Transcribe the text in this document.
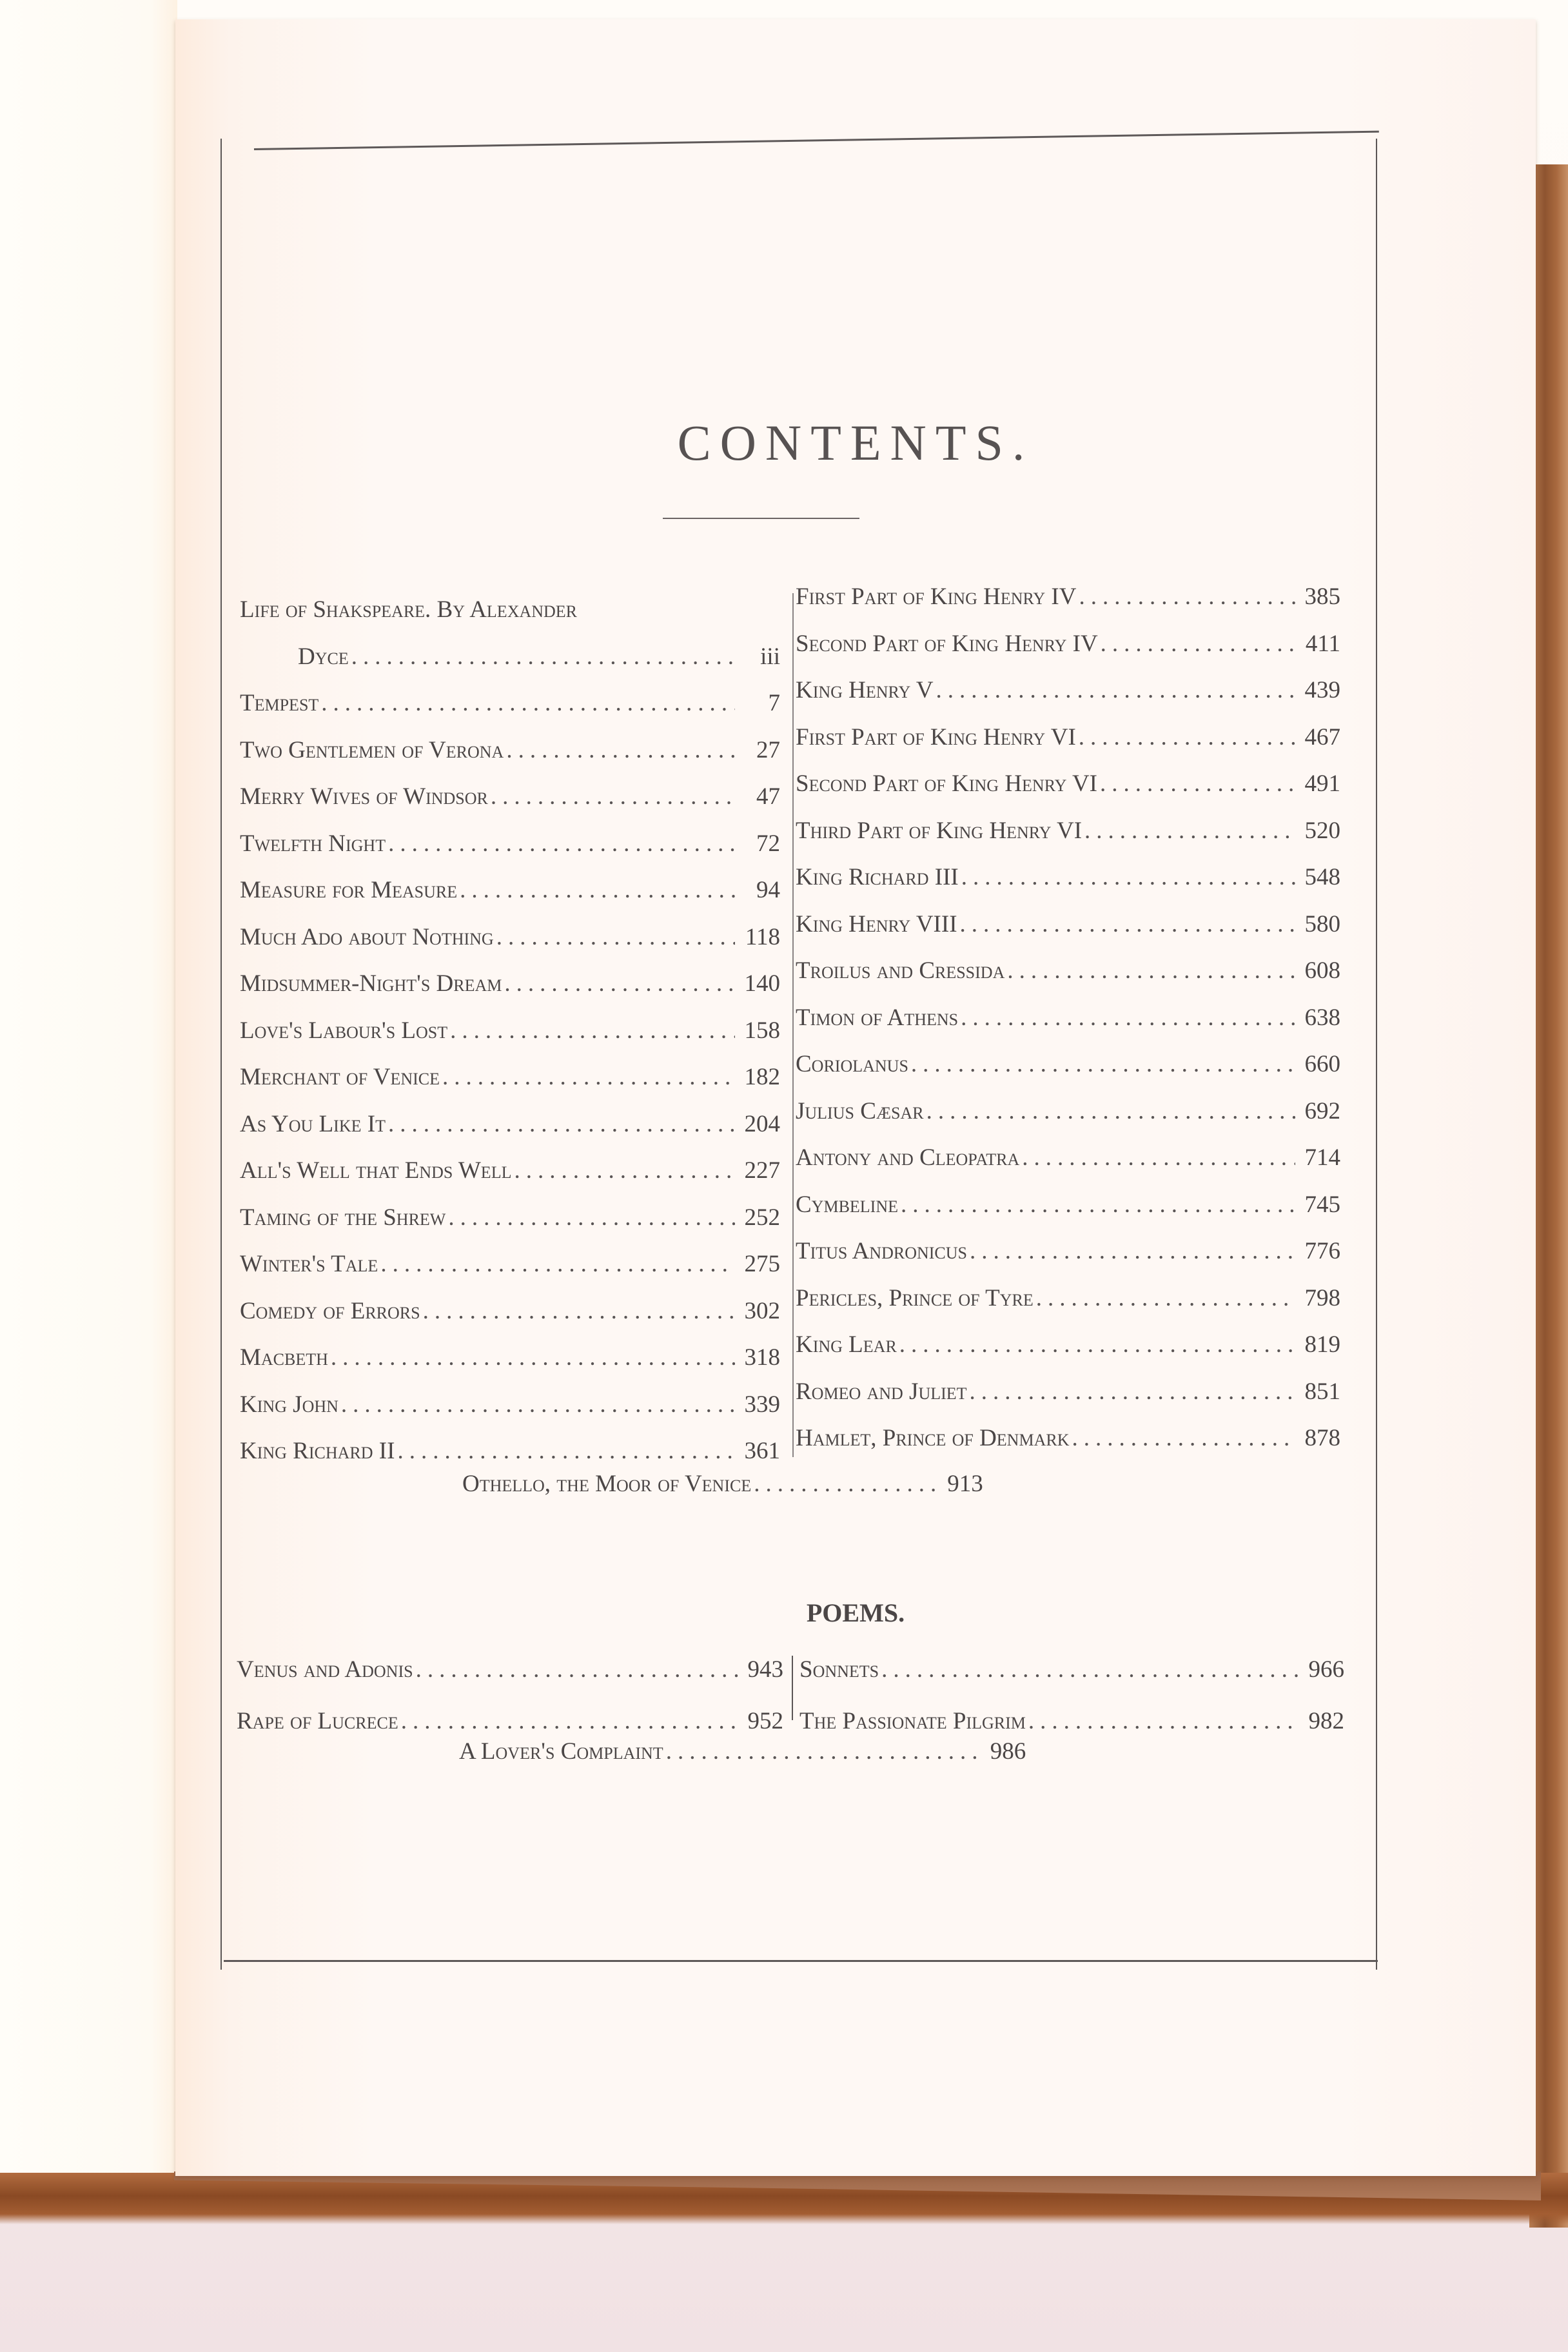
CONTENTS.
Life of Shakspeare. By Alexander
Dyce .....	iii
Tempest .....	7
Two Gentlemen of Verona .....	27
Merry Wives of Windsor .....	47
Twelfth Night .....	72
Measure for Measure .....	94
Much Ado about Nothing .....	118
Midsummer-Night's Dream .....	140
Love's Labour's Lost .....	158
Merchant of Venice .....	182
As You Like It .....	204
All's Well that Ends Well .....	227
Taming of the Shrew .....	252
Winter's Tale .....	275
Comedy of Errors .....	302
Macbeth .....	318
King John .....	339
King Richard II .....	361
First Part of King Henry IV .....	385
Second Part of King Henry IV .....	411
King Henry V .....	439
First Part of King Henry VI .....	467
Second Part of King Henry VI .....	491
Third Part of King Henry VI .....	520
King Richard III .....	548
King Henry VIII .....	580
Troilus and Cressida .....	608
Timon of Athens .....	638
Coriolanus .....	660
Julius Cæsar .....	692
Antony and Cleopatra .....	714
Cymbeline .....	745
Titus Andronicus .....	776
Pericles, Prince of Tyre .....	798
King Lear .....	819
Romeo and Juliet .....	851
Hamlet, Prince of Denmark .....	878
Othello, the Moor of Venice .....	913
POEMS.
Venus and Adonis .....	943
Rape of Lucrece .....	952
Sonnets .....	966
The Passionate Pilgrim .....	982
A Lover's Complaint .....	986
